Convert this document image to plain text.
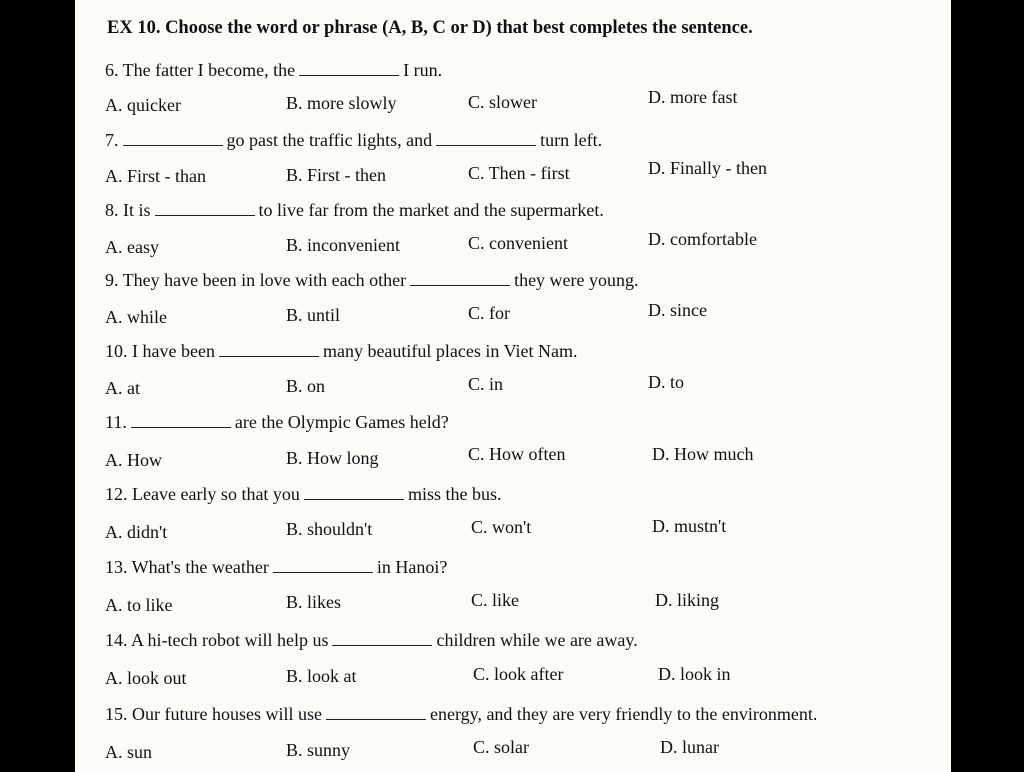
EX 10. Choose the word or phrase (A, B, C or D) that best completes the sentence.
6. The fatter I become, the	I run.
A. quicker	B. more slowly	C. slower	D. more fast
7.	go past the traffic lights, and	turn left.
A. First - than	B. First - then	C. Then - first	D. Finally - then
8. It is	to live far from the market and the supermarket.
A. easy	B. inconvenient	C. convenient	D. comfortable
9. They have been in love with each other	they were young.
A. while	B. until	C. for	D. since
10. I have been	many beautiful places in Viet Nam.
A. at	B. on	C. in	D. to
11.	are the Olympic Games held?
A. How	B. How long	C. How often	D. How much
12. Leave early so that you	miss the bus.
A. didn't	B. shouldn't	C. won't	D. mustn't
13. What's the weather	in Hanoi?
A. to like	B. likes	C. like	D. liking
14. A hi-tech robot will help us	children while we are away.
A. look out	B. look at	C. look after	D. look in
15. Our future houses will use	energy, and they are very friendly to the environment.
A. sun	B. sunny	C. solar	D. lunar
